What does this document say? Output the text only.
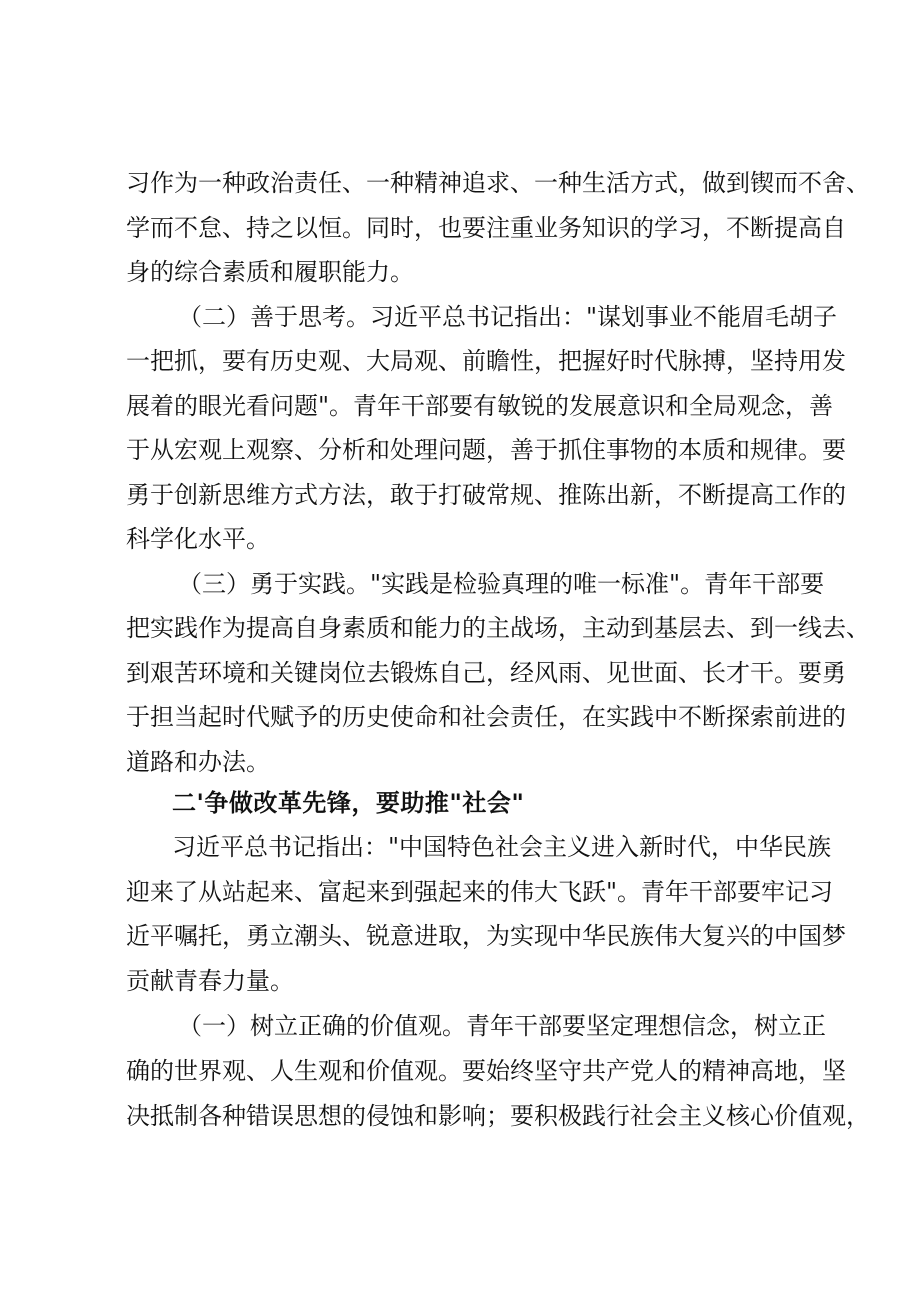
习作为一种政治责任、一种精神追求、一种生活方式，做到锲而不舍、
学而不怠、持之以恒。同时，也要注重业务知识的学习，不断提高自
身的综合素质和履职能力。
（二）善于思考。习近平总书记指出："谋划事业不能眉毛胡子
一把抓，要有历史观、大局观、前瞻性，把握好时代脉搏，坚持用发
展着的眼光看问题"。青年干部要有敏锐的发展意识和全局观念，善
于从宏观上观察、分析和处理问题，善于抓住事物的本质和规律。要
勇于创新思维方式方法，敢于打破常规、推陈出新，不断提高工作的
科学化水平。
（三）勇于实践。"实践是检验真理的唯一标准"。青年干部要
把实践作为提高自身素质和能力的主战场，主动到基层去、到一线去、
到艰苦环境和关键岗位去锻炼自己，经风雨、见世面、长才干。要勇
于担当起时代赋予的历史使命和社会责任，在实践中不断探索前进的
道路和办法。
二'争做改革先锋，要助推"社会"
习近平总书记指出："中国特色社会主义进入新时代，中华民族
迎来了从站起来、富起来到强起来的伟大飞跃"。青年干部要牢记习
近平嘱托，勇立潮头、锐意进取，为实现中华民族伟大复兴的中国梦
贡献青春力量。
（一）树立正确的价值观。青年干部要坚定理想信念，树立正
确的世界观、人生观和价值观。要始终坚守共产党人的精神高地，坚
决抵制各种错误思想的侵蚀和影响；要积极践行社会主义核心价值观，
